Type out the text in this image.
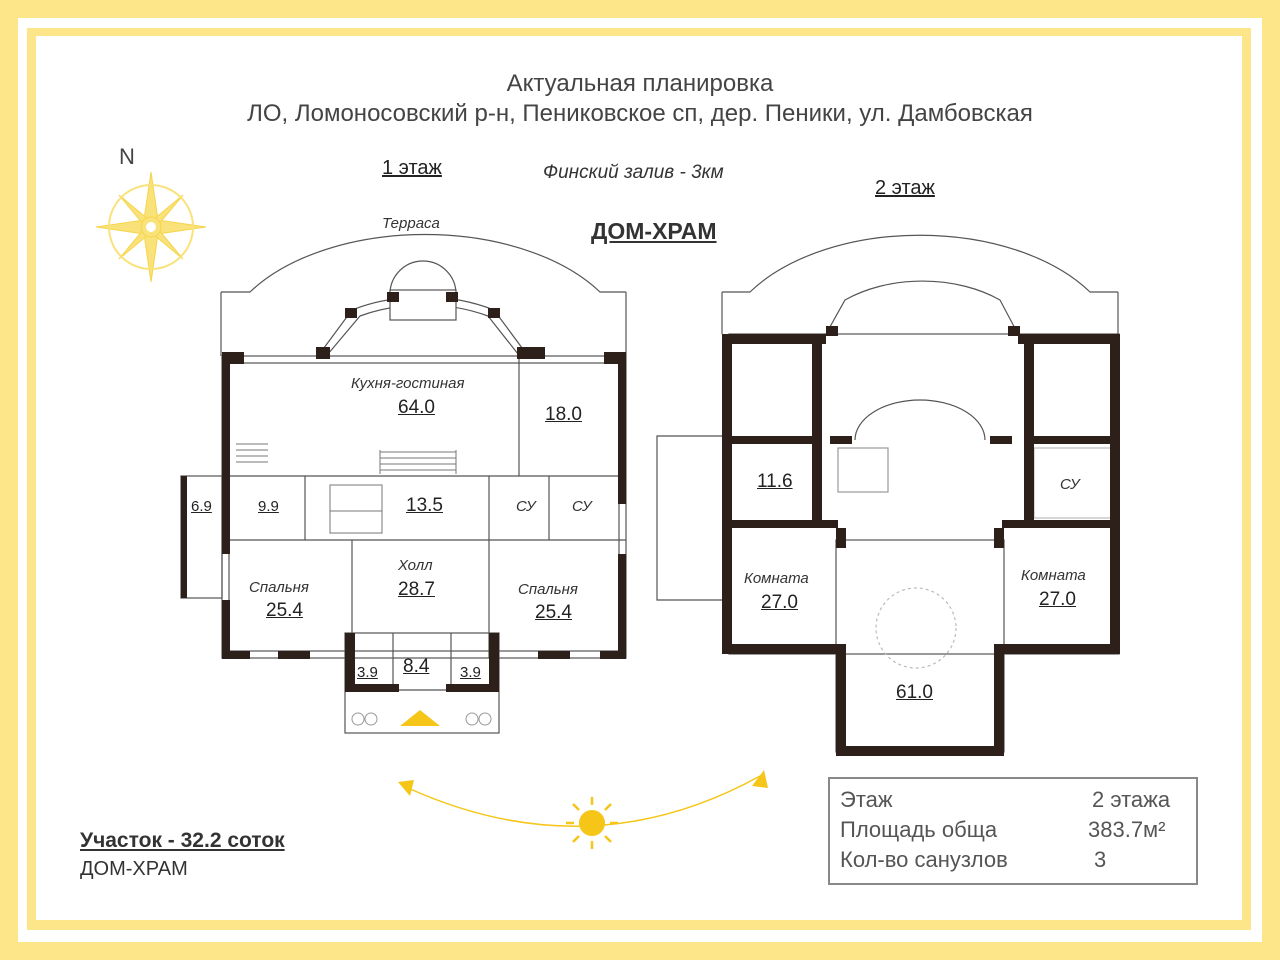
Актуальная планировка
ЛО, Ломоносовский р-н, Пениковское сп, дер. Пеники, ул. Дамбовская
N
Финский залив - 3км
ДОМ-ХРАМ
1 этаж
Терраса
Кухня-гостиная
64.0	18.0
6.9	9.9	13.5	СУ СУ
Холл
28.7
Спальня
25.4
Спальня
25.4
8.4
3.9	3.9
2 этаж
11.6	СУ
Комната
27.0
Комната
27.0
61.0
Этаж	2 этажа
Площадь обща	383.7м²
Кол-во санузлов	3
Участок - 32.2 соток
ДОМ-ХРАМ
